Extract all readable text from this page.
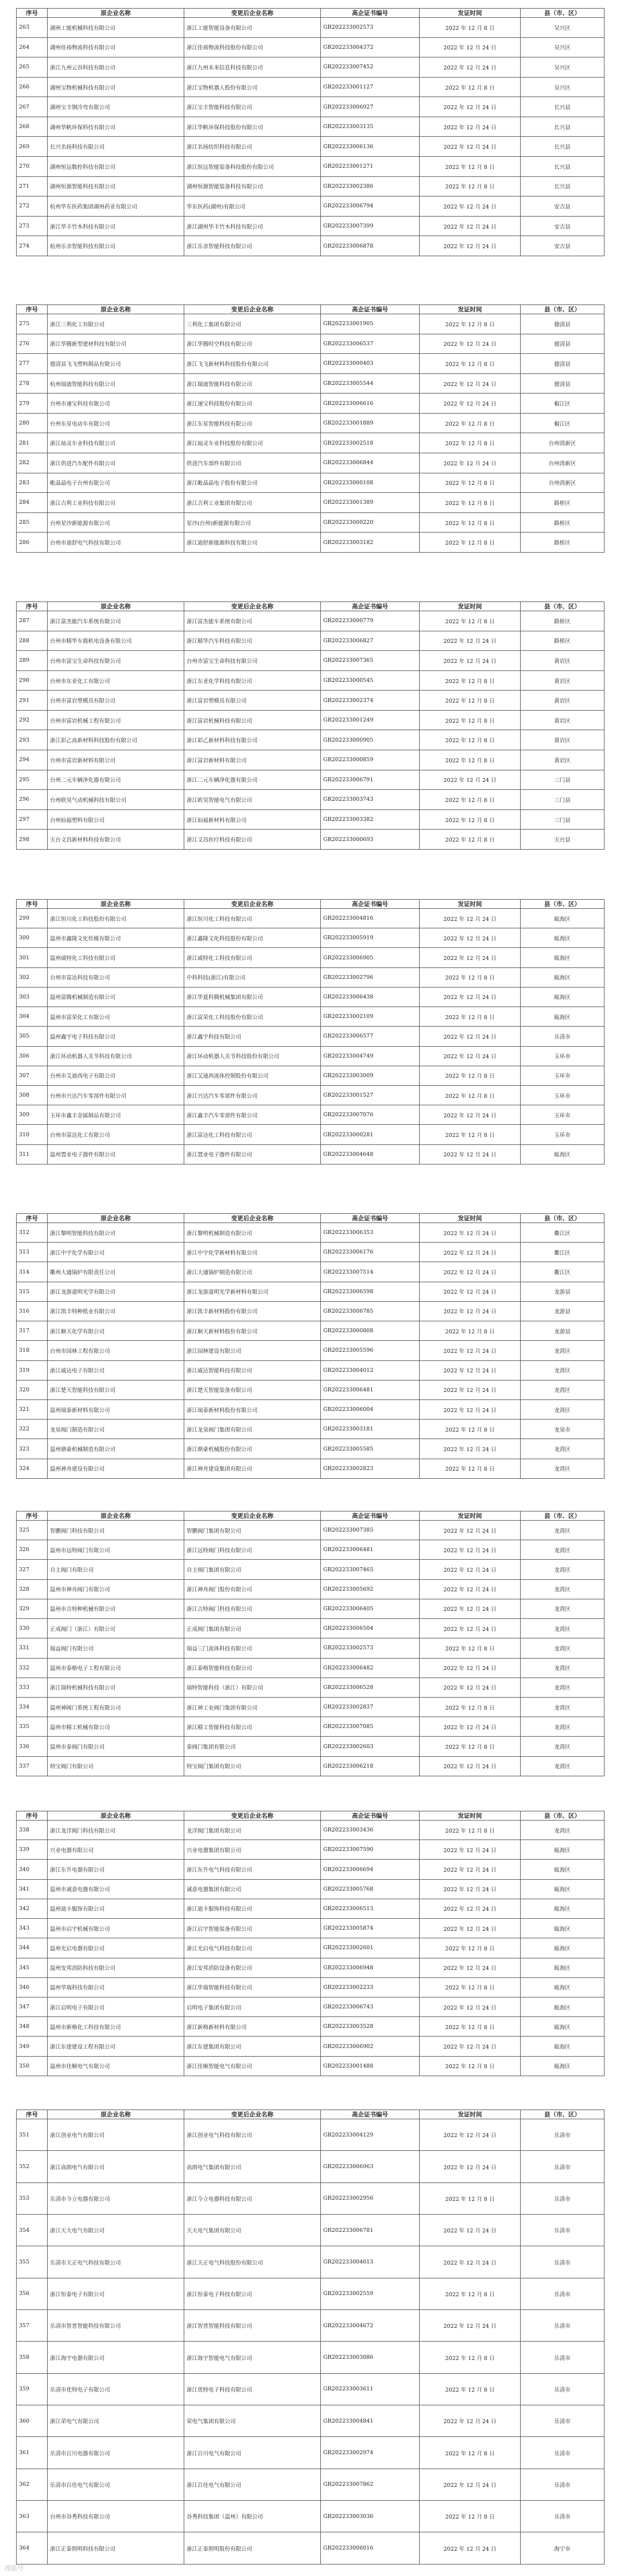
序号	原企业名称	变更后企业名称	高企证书编号	发证时间	县（市、区）
263	湖州工能机械科技有限公司	浙江工能智能设备有限公司	GR202233002573	2022 年 12 月 8 日	吴兴区
264	湖州佳裕物流科技有限公司	浙江佳裕物流科技股份有限公司	GR202233004372	2022 年 12 月 24 日	吴兴区
265	浙江九州云谷科技有限公司	浙江九州未来信息科技有限公司	GR202233007452	2022 年 12 月 24 日	吴兴区
266	湖州宝物机械科技有限公司	浙江宝物机器人股份有限公司	GR202233001127	2022 年 12 月 8 日	吴兴区
267	湖州宝丰钢冷弯有限公司	浙江宝丰智能科技有限公司	GR202233006927	2022 年 12 月 24 日	长兴县
268	湖州华帆环保科技有限公司	浙江华帆环保科技股份有限公司	GR202233003135	2022 年 12 月 24 日	长兴县
269	长兴名扬科技有限公司	浙江名扬纺织科技有限公司	GR202233006136	2022 年 12 月 24 日	长兴县
270	湖州恒远数控科技有限公司	浙江恒远智能装备科技股份有限公司	GR202233001271	2022 年 12 月 8 日	长兴县
271	湖州恒源智能科技有限公司	湖州恒源智能装备科技有限公司	GR202233002386	2022 年 12 月 8 日	长兴县
272	杭州华东医药集团湖州药业有限公司	华东医药(湖州)有限公司	GR202233006794	2022 年 12 月 24 日	安吉县
273	浙江华丰竹木科技有限公司	浙江湖州华丰竹木科技有限公司	GR202233007399	2022 年 12 月 24 日	安吉县
274	杭州乐余智能科技有限公司	浙江乐余智能科技有限公司	GR202233006878	2022 年 12 月 24 日	安吉县
序号	原企业名称	变更后企业名称	高企证书编号	发证时间	县（市、区）
275	浙江三利化工有限公司	三利化工集团有限公司	GR202233001905	2022 年 12 月 8 日	德清县
276	浙江华腾新型建材科技有限公司	浙江华腾时空科技有限公司	GR202233006537	2022 年 12 月 24 日	德清县
277	德清县飞飞塑料制品有限公司	浙江飞飞新材料科技股份有限公司	GR202233000403	2022 年 12 月 8 日	德清县
278	杭州瑞迪智能科技有限公司	浙江瑞迪智能科技有限公司	GR202233005544	2022 年 12 月 24 日	德清县
279	台州市速宝科技有限公司	浙江速宝科技股份有限公司	GR202233006616	2022 年 12 月 24 日	椒江区
280	台州东星电动车有限公司	浙江东星智能科技有限公司	GR202233001889	2022 年 12 月 8 日	椒江区
281	浙江灿灵车业科技有限公司	浙江灿灵车业科技股份有限公司	GR202233002518	2022 年 12 月 8 日	台州湾新区
282	浙江供进汽车配件有限公司	供进汽车部件有限公司	GR202233006844	2022 年 12 月 24 日	台州湾新区
283	毗晶晶电子台州有限公司	浙江毗晶晶电子股份有限公司	GR202233000108	2022 年 12 月 8 日	台州湾新区
284	浙江吉利工业科技有限公司	浙江吉利工业集团有限公司	GR202233001389	2022 年 12 月 8 日	路桥区
285	台州星沙新能源有限公司	星沙(台州)新能源有限公司	GR202233000220	2022 年 12 月 8 日	路桥区
286	台州市迪舒电气科技有限公司	浙江迪舒新能源科技有限公司	GR202233003182	2022 年 12 月 8 日	路桥区
序号	原企业名称	变更后企业名称	高企证书编号	发证时间	县（市、区）
287	浙江富杰能汽车系统有限公司	浙江富杰能车系统有限公司	GR202233000779	2022 年 12 月 8 日	路桥区
288	台州市精华车载机电设备有限公司	浙江精华汽车科技有限公司	GR202233006827	2022 年 12 月 24 日	路桥区
289	台州市富宝生命科技有限公司	台州市富宝生命科技有限公司	GR202233007365	2022 年 12 月 24 日	黄岩区
290	台州市东亚化工有限公司	浙江东亚化学科技有限公司	GR202233000545	2022 年 12 月 8 日	黄岩区
291	台州市富岩塑模具有限公司	浙江富岩塑模具有限公司	GR202233002374	2022 年 12 月 8 日	黄岩区
292	台州市富岩机械工程有限公司	浙江富岩机械科技有限公司	GR202233001249	2022 年 12 月 8 日	黄岩区
293	浙江彩乙高新材料科技股份有限公司	浙江彩乙新材料科技有限公司	GR202233000905	2022 年 12 月 8 日	黄岩区
294	台州市富岩新材料有限公司	浙江富岩新材料有限公司	GR202233000859	2022 年 12 月 8 日	黄岩区
295	台州二元车辆净化器有限公司	浙江二元车辆净化器有限公司	GR202233006791	2022 年 12 月 24 日	三门县
296	台州欧昊气动机械科技有限公司	浙江欧昊智能电气有限公司	GR202233003743	2022 年 12 月 8 日	三门县
297	台州仙福塑料有限公司	浙江仙福新材料有限公司	GR202233003382	2022 年 12 月 8 日	三门县
298	天台文昌新材料科技有限公司	浙江文昌医疗科技有限公司	GR202233000693	2022 年 12 月 8 日	天台县
序号	原企业名称	变更后企业名称	高企证书编号	发证时间	县（市、区）
299	浙江恒川化工科技股份有限公司	浙江恒川化工科技有限公司	GR202233004816	2022 年 12 月 24 日	瓯海区
300	温州市鑫隆文化传媒有限公司	浙江鑫隆文化科技股份有限公司	GR202233005919	2022 年 12 月 24 日	瓯海区
301	温州威特化工科技有限公司	浙江威特化工科技有限公司	GR202233006905	2022 年 12 月 24 日	瓯海区
302	台州市富达科技有限公司	中科科技(浙江)有限公司	GR202233002796	2022 年 12 月 8 日	瓯海区
303	温州富腾机械制造有限公司	浙江华夏科腾机械集团有限公司	GR202233006438	2022 年 12 月 24 日	瓯海区
304	温州市富荣化工有限公司	浙江富荣化工科技股份有限公司	GR202233002109	2022 年 12 月 8 日	瓯海区
305	温州鑫宇电子科技有限公司	浙江鑫宇科技有限公司	GR202233006577	2022 年 12 月 24 日	乐清市
306	浙江环动机器人关节科技有限公司	浙江环动机器人关节科技股份有限公司	GR202233004749	2022 年 12 月 24 日	玉环市
307	台州市艾迪西电子有限公司	浙江艾迪西流体控制股份有限公司	GR202233003009	2022 年 12 月 8 日	玉环市
308	台州市兴达汽车零部件有限公司	浙江兴达汽车零部件有限公司	GR202233001527	2022 年 12 月 8 日	玉环市
309	玉环市鑫丰金属制品有限公司	浙江鑫丰汽车零部件有限公司	GR202233007076	2022 年 12 月 24 日	玉环市
310	台州市富达化工有限公司	浙江富达化工科技有限公司	GR202233000281	2022 年 12 月 8 日	玉环市
311	温州置业电子器件有限公司	浙江置业电子器件有限公司	GR202233004648	2022 年 12 月 24 日	瓯海区
序号	原企业名称	变更后企业名称	高企证书编号	发证时间	县（市、区）
312	浙江黎明智能科技有限公司	浙江黎明机械制造有限公司	GR202233006353	2022 年 12 月 24 日	衢江区
313	浙江中宇化学有限公司	浙江中宇化学新材料有限公司	GR202233006176	2022 年 12 月 24 日	衢江区
314	衢州大通锅炉有限责任公司	浙江大通锅炉制造有限公司	GR202233007514	2022 年 12 月 24 日	衢江区
315	浙江龙游道明光学有限公司	浙江龙游道明光学新材料有限公司	GR202233006598	2022 年 12 月 24 日	龙游县
316	浙江凯丰特种纸业有限公司	浙江凯丰新材料股份有限公司	GR202233006785	2022 年 12 月 24 日	龙游县
317	浙江顺天化学有限公司	浙江顺天新材料股份有限公司	GR202233000808	2022 年 12 月 8 日	龙游县
318	台州市园林工程有限公司	浙江园林建设有限公司	GR202233005596	2022 年 12 月 24 日	龙湾区
319	浙江威达电子有限公司	浙江威达智能科技有限公司	GR202233004012	2022 年 12 月 24 日	龙湾区
320	浙江楚天智能科技有限公司	浙江楚天智能装备有限公司	GR202233006481	2022 年 12 月 24 日	龙湾区
321	温州瑞泰新材料有限公司	浙江瑞泰新材料股份有限公司	GR202233006004	2022 年 12 月 24 日	龙湾区
322	龙泉阀门制造有限公司	浙江龙泉阀门集团有限公司	GR202233003181	2022 年 12 月 8 日	龙泉市
323	温州鼎豪机械制造有限公司	浙江鼎豪机械股份有限公司	GR202233005585	2022 年 12 月 24 日	龙湾区
324	温州神舟建设有限公司	浙江神舟建设集团有限公司	GR202233002823	2022 年 12 月 8 日	龙湾区
序号	原企业名称	变更后企业名称	高企证书编号	发证时间	县（市、区）
325	智鹏阀门科技有限公司	智鹏阀门集团有限公司	GR202233007385	2022 年 12 月 24 日	龙湾区
326	温州市远特阀门有限公司	浙江远特阀门科技有限公司	GR202233006481	2022 年 12 月 24 日	龙湾区
327	自主阀门有限公司	自主阀门集团有限公司	GR202233007465	2022 年 12 月 24 日	龙湾区
328	温州市神舟阀门有限公司	浙江神舟阀门股份有限公司	GR202233005692	2022 年 12 月 24 日	龙湾区
329	温州市吉特种机械有限公司	浙江吉特阀门科技有限公司	GR202233006405	2022 年 12 月 24 日	龙湾区
330	正成阀门（浙江）有限公司	正成阀门集团有限公司	GR202233006504	2022 年 12 月 24 日	龙湾区
331	瑞益阀门有限公司	瑞益三门流体科技有限公司	GR202233002573	2022 年 12 月 8 日	龙湾区
332	温州市泰格电子工程有限公司	浙江泰格智能科技有限公司	GR202233006482	2022 年 12 月 24 日	龙湾区
333	浙江瑞特机械科技有限公司	瑞特智能科技（浙江）有限公司	GR202233006528	2022 年 12 月 24 日	龙湾区
334	温州神阀门系统工程有限公司	浙江神工业阀门集团有限公司	GR202233002837	2022 年 12 月 8 日	龙湾区
335	温州市精工机械有限公司	浙江精工智能科技有限公司	GR202233007085	2022 年 12 月 24 日	龙湾区
336	温州市泰阀门有限公司	泰阀门集团有限公司	GR202233002603	2022 年 12 月 8 日	龙湾区
337	特宝阀门有限公司	特宝阀门集团有限公司	GR202233006218	2022 年 12 月 24 日	龙湾区
序号	原企业名称	变更后企业名称	高企证书编号	发证时间	县（市、区）
338	浙江龙洋阀门科技有限公司	龙洋阀门集团有限公司	GR202233003436	2022 年 12 月 8 日	龙湾区
339	兴业电器有限公司	兴业电器集团有限公司	GR202233007590	2022 年 12 月 24 日	瓯海区
340	浙江东升电器有限公司	浙江东升电气科技有限公司	GR202233006694	2022 年 12 月 24 日	瓯海区
341	温州市诚意电器有限公司	诚意电器集团有限公司	GR202233005768	2022 年 12 月 24 日	瓯海区
342	温州迪卡服饰有限公司	浙江迪卡服饰科技有限公司	GR202233006513	2022 年 12 月 24 日	瓯海区
343	温州市启宇机械有限公司	浙江启宇智能装备有限公司	GR202233005874	2022 年 12 月 24 日	瓯海区
344	温州光启电器有限公司	浙江光启电气科技有限公司	GR202233002601	2022 年 12 月 8 日	瓯海区
345	温州安邦消防科技有限公司	浙江安邦消防设备有限公司	GR202233006948	2022 年 12 月 24 日	瓯海区
346	温州华瑞科技有限公司	浙江华瑞智能科技有限公司	GR202233002233	2022 年 12 月 8 日	瓯海区
347	浙江启明电子有限公司	启明电子集团有限公司	GR202233006743	2022 年 12 月 24 日	瓯海区
348	温州市新格化工科技有限公司	浙江新格新材料有限公司	GR202233003528	2022 年 12 月 8 日	瓯海区
349	浙江东建建设工程有限公司	浙江东建集团有限公司	GR202233006902	2022 年 12 月 24 日	瓯海区
350	温州市佳顺电气有限公司	浙江佳顺智能电气有限公司	GR202233001488	2022 年 12 月 8 日	瓯海区
序号	原企业名称	变更后企业名称	高企证书编号	发证时间	县（市、区）
351	浙江创业电气有限公司	浙江创业电气科技有限公司	GR202233004129	2022 年 12 月 24 日	乐清市
352	浙江高朗电气有限公司	高朗电气集团有限公司	GR202233006963	2022 年 12 月 24 日	乐清市
353	乐清市今立电器有限公司	浙江今立电器科技有限公司	GR202233002956	2022 年 12 月 8 日	乐清市
354	浙江天大电气有限公司	天大电气集团有限公司	GR202233006781	2022 年 12 月 24 日	乐清市
355	乐清市天正电气科技有限公司	浙江天正电气科技股份有限公司	GR202233004613	2022 年 12 月 24 日	乐清市
356	浙江恒泰电子有限公司	浙江恒泰电子科技有限公司	GR202233002559	2022 年 12 月 8 日	乐清市
357	乐清市智普智能科技有限公司	浙江智普智能科技有限公司	GR202233004672	2022 年 12 月 24 日	乐清市
358	浙江海宇电器有限公司	浙江海宇智能电气有限公司	GR202233003086	2022 年 12 月 8 日	乐清市
359	乐清市优特电子有限公司	浙江优特电子科技有限公司	GR202233003611	2022 年 12 月 8 日	乐清市
360	浙江荣电气有限公司	荣电气集团有限公司	GR202233004841	2022 年 12 月 24 日	乐清市
361	乐清市百川电器有限公司	浙江百川电气有限公司	GR202233002974	2022 年 12 月 8 日	乐清市
362	乐清市百佳电气有限公司	浙江百佳电气有限公司	GR202233007862	2022 年 12 月 24 日	乐清市
363	台州市谷秀科技有限公司	谷秀科技集团（温州）有限公司	GR202233003036	2022 年 12 月 8 日	乐清市
364	浙江正泰照明科技有限公司	浙江正泰照明股份有限公司	GR202233006016	2022 年 12 月 24 日	海宁市
搜狐号
